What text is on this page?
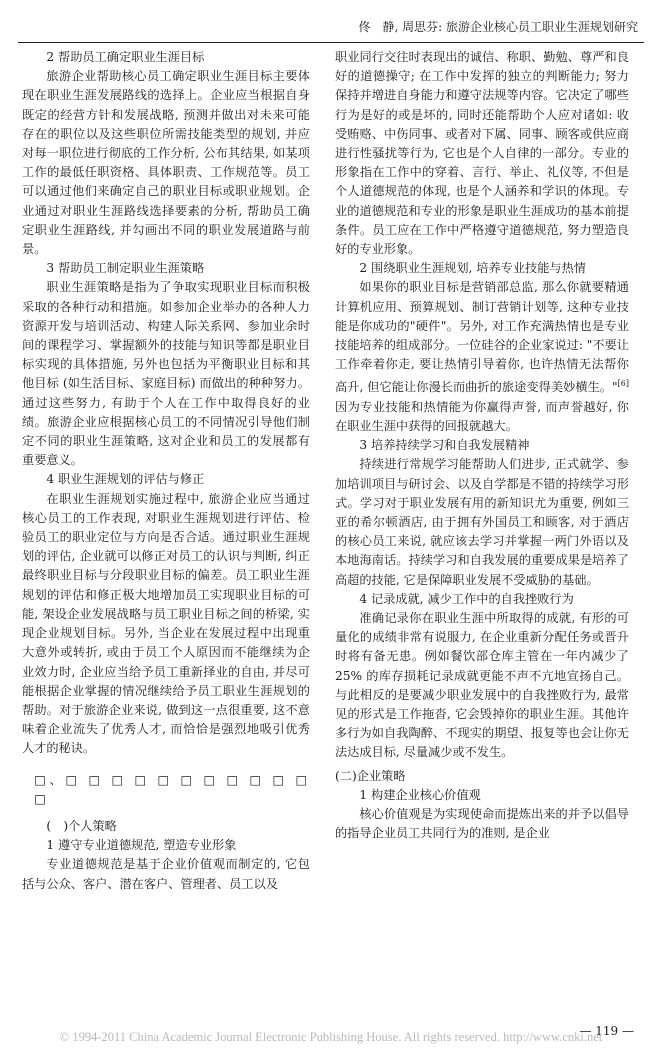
佟　静, 周思芬: 旅游企业核心员工职业生涯规划研究
2 帮助员工确定职业生涯目标

旅游企业帮助核心员工确定职业生涯目标主要体现在职业生涯发展路线的选择上。企业应当根据自身既定的经营方针和发展战略, 预测并做出对未来可能存在的职位以及这些职位所需技能类型的规划, 并应对每一职位进行彻底的工作分析, 公布其结果, 如某项工作的最低任职资格、具体职责、工作规范等。员工可以通过他们来确定自己的职业目标或职业规划。企业通过对职业生涯路线选择要素的分析, 帮助员工确定职业生涯路线, 并勾画出不同的职业发展道路与前景。

3 帮助员工制定职业生涯策略

职业生涯策略是指为了争取实现职业目标而积极采取的各种行动和措施。如参加企业举办的各种人力资源开发与培训活动、构建人际关系网、参加业余时间的课程学习、掌握额外的技能与知识等都是职业目标实现的具体措施, 另外也包括为平衡职业目标和其他目标 (如生活目标、家庭目标) 而做出的种种努力。通过这些努力, 有助于个人在工作中取得良好的业绩。旅游企业应根据核心员工的不同情况引导他们制定不同的职业生涯策略, 这对企业和员工的发展都有重要意义。

4 职业生涯规划的评估与修正

在职业生涯规划实施过程中, 旅游企业应当通过核心员工的工作表现, 对职业生涯规划进行评估、检验员工的职业定位与方向是否合适。通过职业生涯规划的评估, 企业就可以修正对员工的认识与判断, 纠正最终职业目标与分段职业目标的偏差。员工职业生涯规划的评估和修正极大地增加员工实现职业目标的可能, 架设企业发展战略与员工职业目标之间的桥梁, 实现企业规划目标。另外, 当企业在发展过程中出现重大意外或转折, 或由于员工个人原因而不能继续为企业效力时, 企业应当给予员工重新择业的自由, 并尽可能根据企业掌握的情况继续给予员工职业生涯规划的帮助。对于旅游企业来说, 做到这一点很重要, 这不意味着企业流失了优秀人才, 而恰恰是强烈地吸引优秀人才的秘诀。

□、□ □ □ □ □ □ □ □ □ □ □ □
(　)个人策略
1 遵守专业道德规范, 塑造专业形象

专业道德规范是基于企业价值观而制定的, 它包括与公众、客户、潜在客户、管理者、员工以及

职业同行交往时表现出的诚信、称职、勤勉、尊严和良好的道德操守; 在工作中发挥的独立的判断能力; 努力保持并增进自身能力和遵守法规等内容。它决定了哪些行为是好的或是坏的, 同时还能帮助个人应对诸如: 收受贿赂、中伤同事、或者对下属、同事、顾客或供应商进行性骚扰等行为, 它也是个人自律的一部分。专业的形象指在工作中的穿着、言行、举止、礼仪等, 不但是个人道德规范的体现, 也是个人涵养和学识的体现。专业的道德规范和专业的形象是职业生涯成功的基本前提条件。员工应在工作中严格遵守道德规范, 努力塑造良好的专业形象。

2 围绕职业生涯规划, 培养专业技能与热情

如果你的职业目标是营销部总监, 那么你就要精通计算机应用、预算规划、制订营销计划等, 这种专业技能是你成功的"硬件"。另外, 对工作充满热情也是专业技能培养的组成部分。一位硅谷的企业家说过: "不要让工作牵着你走, 要让热情引导着你, 也许热情无法帮你高升, 但它能让你漫长而曲折的旅途变得美妙横生。"[6]因为专业技能和热情能为你赢得声誉, 而声誉越好, 你在职业生涯中获得的回报就越大。

3 培养持续学习和自我发展精神

持续进行常规学习能帮助人们进步, 正式就学、参加培训项目与研讨会、以及自学都是不错的持续学习形式。学习对于职业发展有用的新知识尤为重要, 例如三亚的希尔顿酒店, 由于拥有外国员工和顾客, 对于酒店的核心员工来说, 就应该去学习并掌握一两门外语以及本地海南话。持续学习和自我发展的重要成果是培养了高超的技能, 它是保障职业发展不受威胁的基础。

4 记录成就, 减少工作中的自我挫败行为

准确记录你在职业生涯中所取得的成就, 有形的可量化的成绩非常有说服力, 在企业重新分配任务或晋升时将有备无患。例如餐饮部仓库主管在一年内减少了 25% 的库存损耗记录成就更能不声不亢地宣扬自己。与此相反的是要减少职业发展中的自我挫败行为, 最常见的形式是工作拖沓, 它会毁掉你的职业生涯。其他许多行为如自我陶醉、不现实的期望、报复等也会让你无法达成目标, 尽量减少或不发生。

(二)企业策略
1 构建企业核心价值观

核心价值观是为实现使命而提炼出来的并予以倡导的指导企业员工共同行为的准则, 是企业

— 119 —
© 1994-2011 China Academic Journal Electronic Publishing House. All rights reserved. http://www.cnki.net
